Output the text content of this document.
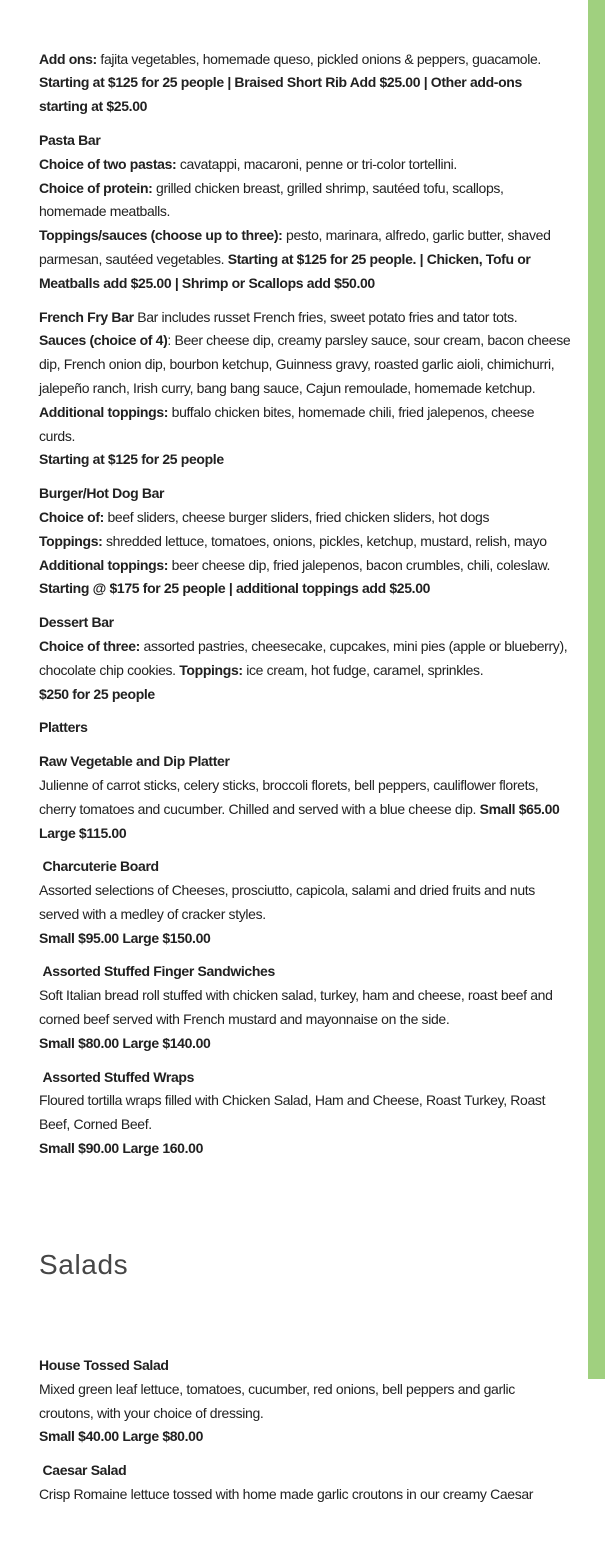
Add ons: fajita vegetables, homemade queso, pickled onions & peppers, guacamole.
Starting at $125 for 25 people | Braised Short Rib Add $25.00 | Other add-ons starting at $25.00

Pasta Bar
Choice of two pastas: cavatappi, macaroni, penne or tri-color tortellini.
Choice of protein: grilled chicken breast, grilled shrimp, sautéed tofu, scallops, homemade meatballs.
Toppings/sauces (choose up to three): pesto, marinara, alfredo, garlic butter, shaved parmesan, sautéed vegetables. Starting at $125 for 25 people. | Chicken, Tofu or Meatballs add $25.00 | Shrimp or Scallops add $50.00

French Fry Bar Bar includes russet French fries, sweet potato fries and tator tots.
Sauces (choice of 4): Beer cheese dip, creamy parsley sauce, sour cream, bacon cheese dip, French onion dip, bourbon ketchup, Guinness gravy, roasted garlic aioli, chimichurri, jalepeño ranch, Irish curry, bang bang sauce, Cajun remoulade, homemade ketchup.
Additional toppings: buffalo chicken bites, homemade chili, fried jalepenos, cheese curds.
Starting at $125 for 25 people

Burger/Hot Dog Bar
Choice of: beef sliders, cheese burger sliders, fried chicken sliders, hot dogs
Toppings: shredded lettuce, tomatoes, onions, pickles, ketchup, mustard, relish, mayo
Additional toppings: beer cheese dip, fried jalepenos, bacon crumbles, chili, coleslaw.
Starting @ $175 for 25 people | additional toppings add $25.00

Dessert Bar
Choice of three: assorted pastries, cheesecake, cupcakes, mini pies (apple or blueberry), chocolate chip cookies. Toppings: ice cream, hot fudge, caramel, sprinkles.
$250 for 25 people

Platters

Raw Vegetable and Dip Platter
Julienne of carrot sticks, celery sticks, broccoli florets, bell peppers, cauliflower florets, cherry tomatoes and cucumber. Chilled and served with a blue cheese dip. Small $65.00 Large $115.00

Charcuterie Board
Assorted selections of Cheeses, prosciutto, capicola, salami and dried fruits and nuts served with a medley of cracker styles.
Small $95.00 Large $150.00

Assorted Stuffed Finger Sandwiches
Soft Italian bread roll stuffed with chicken salad, turkey, ham and cheese, roast beef and corned beef served with French mustard and mayonnaise on the side.
Small $80.00 Large $140.00

Assorted Stuffed Wraps
Floured tortilla wraps filled with Chicken Salad, Ham and Cheese, Roast Turkey, Roast Beef, Corned Beef.
Small $90.00 Large 160.00

Salads

House Tossed Salad
Mixed green leaf lettuce, tomatoes, cucumber, red onions, bell peppers and garlic croutons, with your choice of dressing.
Small $40.00 Large $80.00

Caesar Salad
Crisp Romaine lettuce tossed with home made garlic croutons in our creamy Caesar
